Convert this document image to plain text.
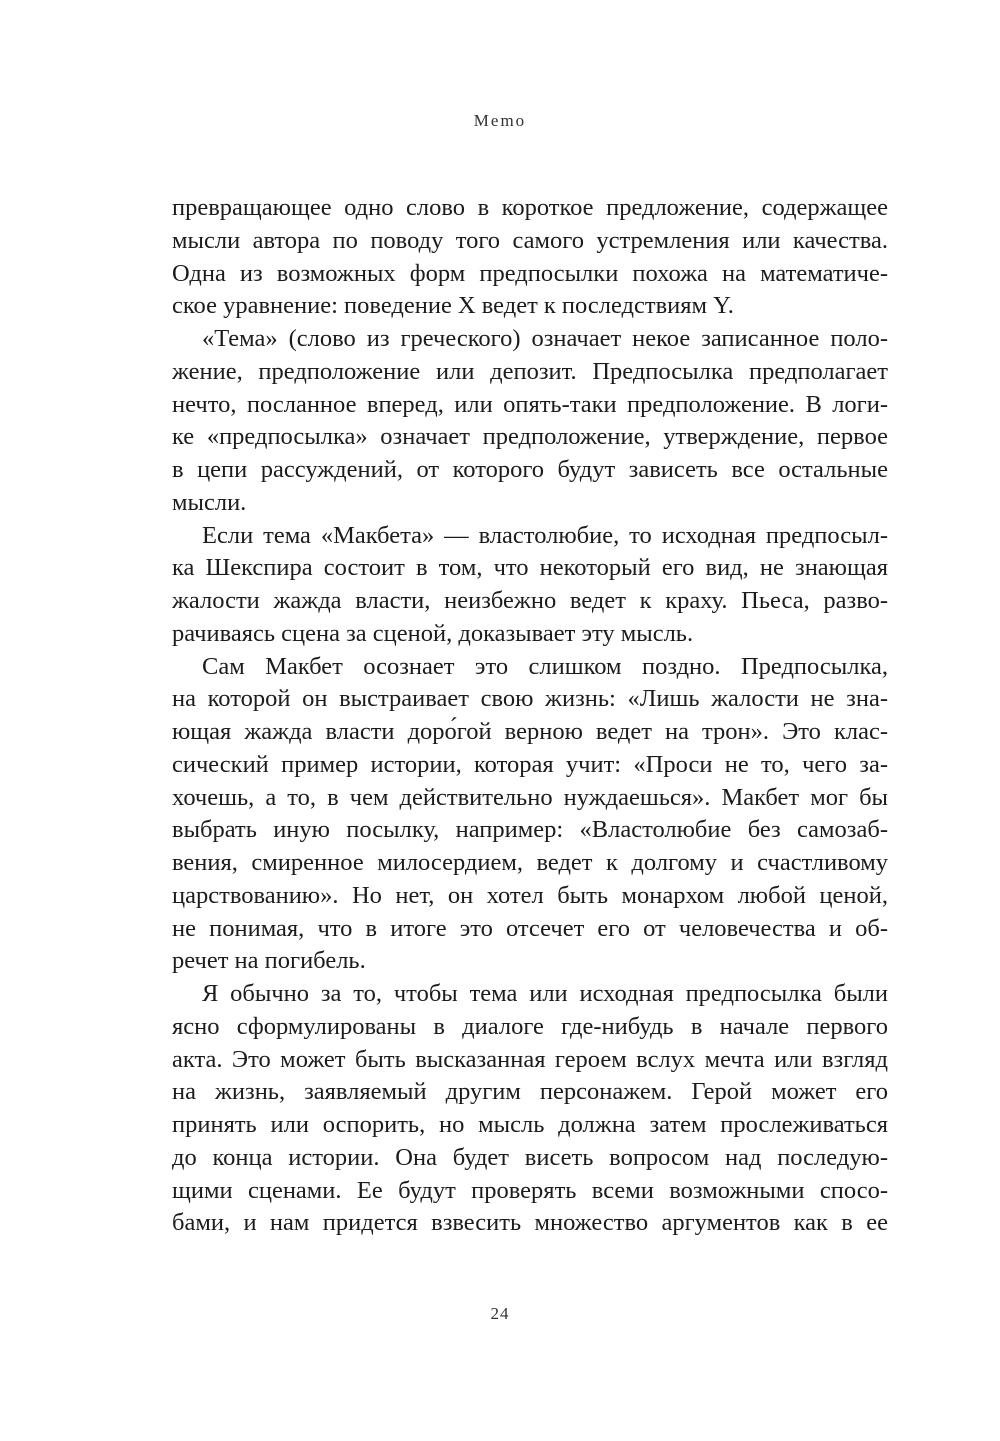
Memo
превращающее одно слово в короткое предложение, содержащее
мысли автора по поводу того самого устремления или качества.
Одна из возможных форм предпосылки похожа на математиче-
ское уравнение: поведение X ведет к последствиям Y.
«Тема» (слово из греческого) означает некое записанное поло-
жение, предположение или депозит. Предпосылка предполагает
нечто, посланное вперед, или опять-таки предположение. В логи-
ке «предпосылка» означает предположение, утверждение, первое
в цепи рассуждений, от которого будут зависеть все остальные
мысли.
Если тема «Макбета» — властолюбие, то исходная предпосыл-
ка Шекспира состоит в том, что некоторый его вид, не знающая
жалости жажда власти, неизбежно ведет к краху. Пьеса, разво-
рачиваясь сцена за сценой, доказывает эту мысль.
Сам Макбет осознает это слишком поздно. Предпосылка,
на которой он выстраивает свою жизнь: «Лишь жалости не зна-
ющая жажда власти доро́гой верною ведет на трон». Это клас-
сический пример истории, которая учит: «Проси не то, чего за-
хочешь, а то, в чем действительно нуждаешься». Макбет мог бы
выбрать иную посылку, например: «Властолюбие без самозаб-
вения, смиренное милосердием, ведет к долгому и счастливому
царствованию». Но нет, он хотел быть монархом любой ценой,
не понимая, что в итоге это отсечет его от человечества и об-
речет на погибель.
Я обычно за то, чтобы тема или исходная предпосылка были
ясно сформулированы в диалоге где-нибудь в начале первого
акта. Это может быть высказанная героем вслух мечта или взгляд
на жизнь, заявляемый другим персонажем. Герой может его
принять или оспорить, но мысль должна затем прослеживаться
до конца истории. Она будет висеть вопросом над последую-
щими сценами. Ее будут проверять всеми возможными спосо-
бами, и нам придется взвесить множество аргументов как в ее
24
